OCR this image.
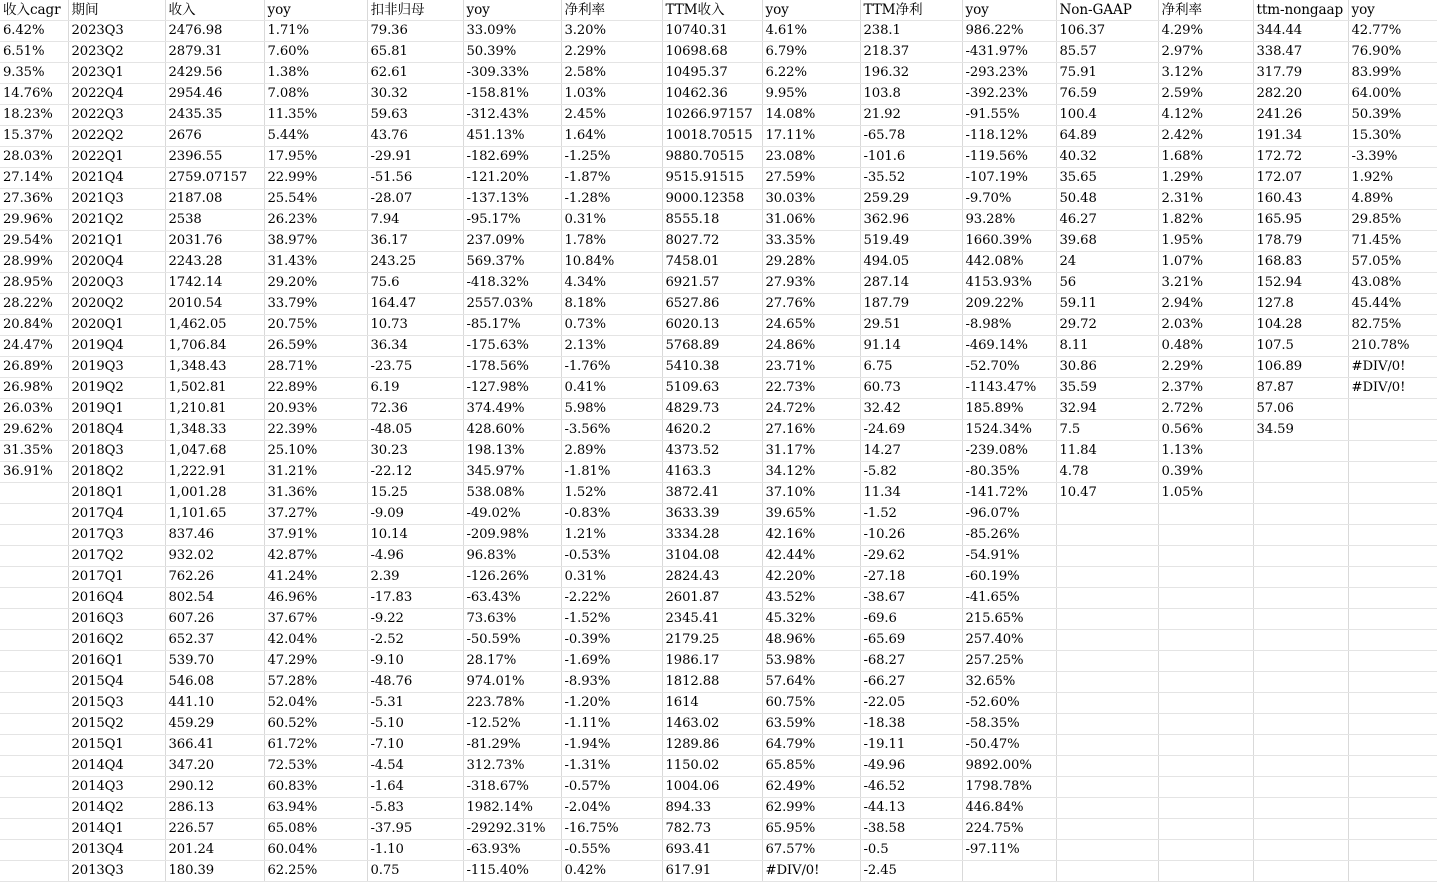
收入cagr	期间	收入	yoy	扣非归母	yoy	净利率	TTM收入	yoy	TTM净利	yoy	Non-GAAP	净利率	ttm-nongaap	yoy
6.42%	2023Q3	2476.98	1.71%	79.36	33.09%	3.20%	10740.31	4.61%	238.1	986.22%	106.37	4.29%	344.44	42.77%
6.51%	2023Q2	2879.31	7.60%	65.81	50.39%	2.29%	10698.68	6.79%	218.37	-431.97%	85.57	2.97%	338.47	76.90%
9.35%	2023Q1	2429.56	1.38%	62.61	-309.33%	2.58%	10495.37	6.22%	196.32	-293.23%	75.91	3.12%	317.79	83.99%
14.76%	2022Q4	2954.46	7.08%	30.32	-158.81%	1.03%	10462.36	9.95%	103.8	-392.23%	76.59	2.59%	282.20	64.00%
18.23%	2022Q3	2435.35	11.35%	59.63	-312.43%	2.45%	10266.97157	14.08%	21.92	-91.55%	100.4	4.12%	241.26	50.39%
15.37%	2022Q2	2676	5.44%	43.76	451.13%	1.64%	10018.70515	17.11%	-65.78	-118.12%	64.89	2.42%	191.34	15.30%
28.03%	2022Q1	2396.55	17.95%	-29.91	-182.69%	-1.25%	9880.70515	23.08%	-101.6	-119.56%	40.32	1.68%	172.72	-3.39%
27.14%	2021Q4	2759.07157	22.99%	-51.56	-121.20%	-1.87%	9515.91515	27.59%	-35.52	-107.19%	35.65	1.29%	172.07	1.92%
27.36%	2021Q3	2187.08	25.54%	-28.07	-137.13%	-1.28%	9000.12358	30.03%	259.29	-9.70%	50.48	2.31%	160.43	4.89%
29.96%	2021Q2	2538	26.23%	7.94	-95.17%	0.31%	8555.18	31.06%	362.96	93.28%	46.27	1.82%	165.95	29.85%
29.54%	2021Q1	2031.76	38.97%	36.17	237.09%	1.78%	8027.72	33.35%	519.49	1660.39%	39.68	1.95%	178.79	71.45%
28.99%	2020Q4	2243.28	31.43%	243.25	569.37%	10.84%	7458.01	29.28%	494.05	442.08%	24	1.07%	168.83	57.05%
28.95%	2020Q3	1742.14	29.20%	75.6	-418.32%	4.34%	6921.57	27.93%	287.14	4153.93%	56	3.21%	152.94	43.08%
28.22%	2020Q2	2010.54	33.79%	164.47	2557.03%	8.18%	6527.86	27.76%	187.79	209.22%	59.11	2.94%	127.8	45.44%
20.84%	2020Q1	1,462.05	20.75%	10.73	-85.17%	0.73%	6020.13	24.65%	29.51	-8.98%	29.72	2.03%	104.28	82.75%
24.47%	2019Q4	1,706.84	26.59%	36.34	-175.63%	2.13%	5768.89	24.86%	91.14	-469.14%	8.11	0.48%	107.5	210.78%
26.89%	2019Q3	1,348.43	28.71%	-23.75	-178.56%	-1.76%	5410.38	23.71%	6.75	-52.70%	30.86	2.29%	106.89	#DIV/0!
26.98%	2019Q2	1,502.81	22.89%	6.19	-127.98%	0.41%	5109.63	22.73%	60.73	-1143.47%	35.59	2.37%	87.87	#DIV/0!
26.03%	2019Q1	1,210.81	20.93%	72.36	374.49%	5.98%	4829.73	24.72%	32.42	185.89%	32.94	2.72%	57.06	
29.62%	2018Q4	1,348.33	22.39%	-48.05	428.60%	-3.56%	4620.2	27.16%	-24.69	1524.34%	7.5	0.56%	34.59	
31.35%	2018Q3	1,047.68	25.10%	30.23	198.13%	2.89%	4373.52	31.17%	14.27	-239.08%	11.84	1.13%		
36.91%	2018Q2	1,222.91	31.21%	-22.12	345.97%	-1.81%	4163.3	34.12%	-5.82	-80.35%	4.78	0.39%		
	2018Q1	1,001.28	31.36%	15.25	538.08%	1.52%	3872.41	37.10%	11.34	-141.72%	10.47	1.05%		
	2017Q4	1,101.65	37.27%	-9.09	-49.02%	-0.83%	3633.39	39.65%	-1.52	-96.07%				
	2017Q3	837.46	37.91%	10.14	-209.98%	1.21%	3334.28	42.16%	-10.26	-85.26%				
	2017Q2	932.02	42.87%	-4.96	96.83%	-0.53%	3104.08	42.44%	-29.62	-54.91%				
	2017Q1	762.26	41.24%	2.39	-126.26%	0.31%	2824.43	42.20%	-27.18	-60.19%				
	2016Q4	802.54	46.96%	-17.83	-63.43%	-2.22%	2601.87	43.52%	-38.67	-41.65%				
	2016Q3	607.26	37.67%	-9.22	73.63%	-1.52%	2345.41	45.32%	-69.6	215.65%				
	2016Q2	652.37	42.04%	-2.52	-50.59%	-0.39%	2179.25	48.96%	-65.69	257.40%				
	2016Q1	539.70	47.29%	-9.10	28.17%	-1.69%	1986.17	53.98%	-68.27	257.25%				
	2015Q4	546.08	57.28%	-48.76	974.01%	-8.93%	1812.88	57.64%	-66.27	32.65%				
	2015Q3	441.10	52.04%	-5.31	223.78%	-1.20%	1614	60.75%	-22.05	-52.60%				
	2015Q2	459.29	60.52%	-5.10	-12.52%	-1.11%	1463.02	63.59%	-18.38	-58.35%				
	2015Q1	366.41	61.72%	-7.10	-81.29%	-1.94%	1289.86	64.79%	-19.11	-50.47%				
	2014Q4	347.20	72.53%	-4.54	312.73%	-1.31%	1150.02	65.85%	-49.96	9892.00%				
	2014Q3	290.12	60.83%	-1.64	-318.67%	-0.57%	1004.06	62.49%	-46.52	1798.78%				
	2014Q2	286.13	63.94%	-5.83	1982.14%	-2.04%	894.33	62.99%	-44.13	446.84%				
	2014Q1	226.57	65.08%	-37.95	-29292.31%	-16.75%	782.73	65.95%	-38.58	224.75%				
	2013Q4	201.24	60.04%	-1.10	-63.93%	-0.55%	693.41	67.57%	-0.5	-97.11%				
	2013Q3	180.39	62.25%	0.75	-115.40%	0.42%	617.91	#DIV/0!	-2.45					
